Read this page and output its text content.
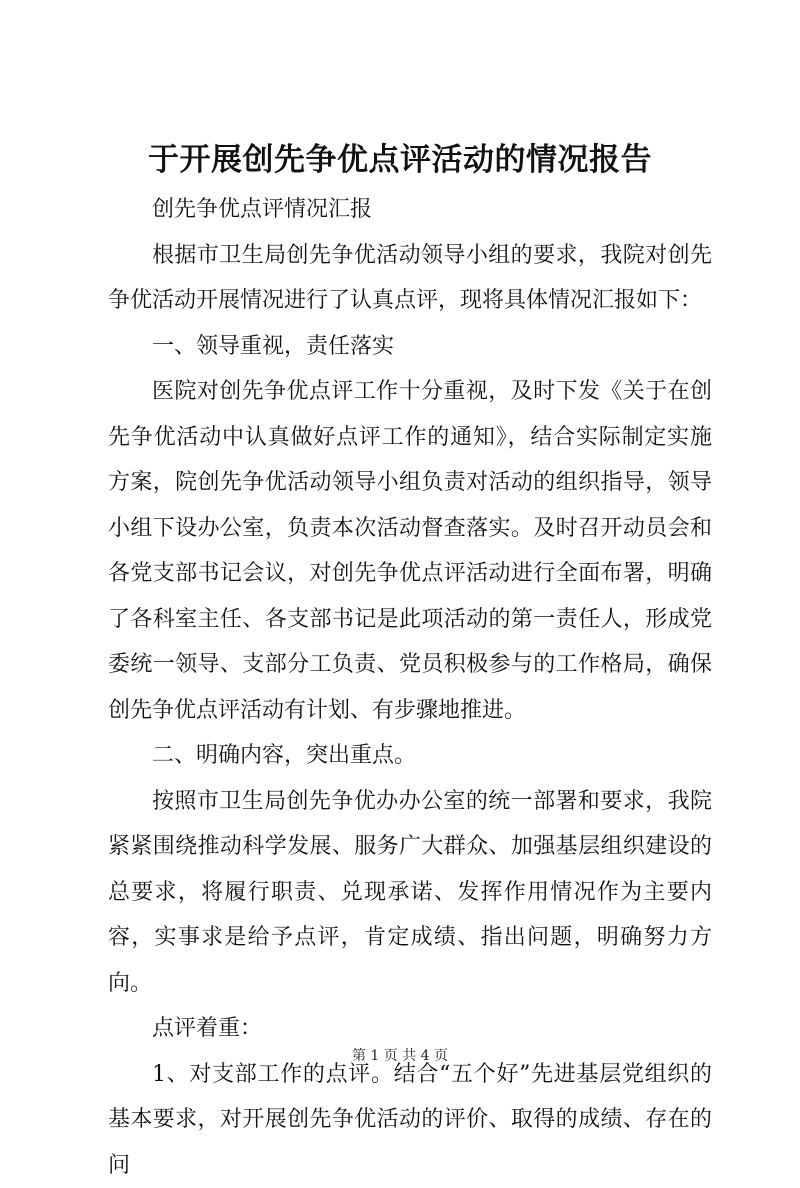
于开展创先争优点评活动的情况报告

创先争优点评情况汇报

根据市卫生局创先争优活动领导小组的要求，我院对创先争优活动开展情况进行了认真点评，现将具体情况汇报如下：

一、领导重视，责任落实

医院对创先争优点评工作十分重视，及时下发《关于在创先争优活动中认真做好点评工作的通知》，结合实际制定实施方案，院创先争优活动领导小组负责对活动的组织指导，领导小组下设办公室，负责本次活动督查落实。及时召开动员会和各党支部书记会议，对创先争优点评活动进行全面布署，明确了各科室主任、各支部书记是此项活动的第一责任人，形成党委统一领导、支部分工负责、党员积极参与的工作格局，确保创先争优点评活动有计划、有步骤地推进。

二、明确内容，突出重点。

按照市卫生局创先争优办办公室的统一部署和要求，我院紧紧围绕推动科学发展、服务广大群众、加强基层组织建设的总要求，将履行职责、兑现承诺、发挥作用情况作为主要内容，实事求是给予点评，肯定成绩、指出问题，明确努力方向。

点评着重：

1、对支部工作的点评。结合“五个好”先进基层党组织的基本要求，对开展创先争优活动的评价、取得的成绩、存在的问

第 1 页 共 4 页
